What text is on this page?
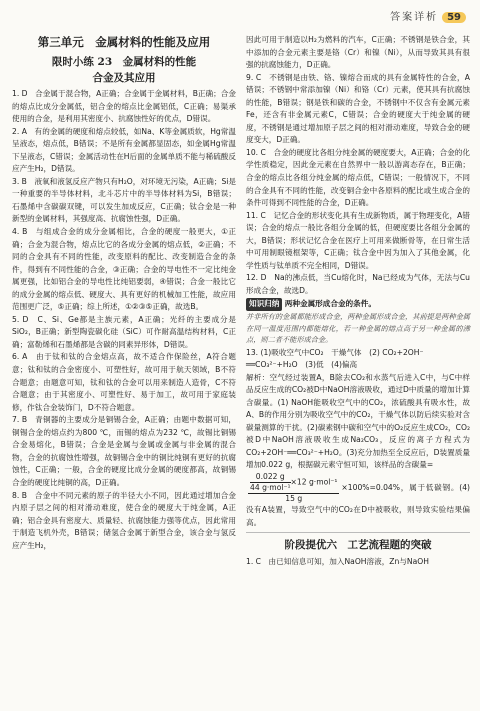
答案详析 59
第三单元　金属材料的性能及应用
限时小练 23　金属材料的性能
合金及其应用

1. D　合金属于混合物，A正确；合金属于金属材料，B正确；合金的熔点比成分金属低，铝合金的熔点比金属铝低，C正确；易渠承使用的合金，是利用其密度小、抗腐蚀性好的优点，D错误。

2. A　有的金属的硬度和熔点较低，如Na、K等金属质软，Hg常温呈液态，熔点低，B错误；不是所有金属都显固态，如金属Hg常温下呈液态，C错误；金属活动性在H后面的金属单质不能与稀硫酸反应产生H₂，D错误。

3. B　液氧和液氢反应产物只有H₂O，对环境无污染，A正确；Si是一种重要的半导体材料，北斗芯片中的半导体材料为Si，B错误；石墨烯中含碳碳双键，可以发生加成反应，C正确；钛合金是一种新型的金属材料，其强度高、抗腐蚀性强，D正确。

4. B　与组成合金的成分金属相比，合金的硬度一般更大，①正确；合金为混合物，熔点比它的各成分金属的熔点低，②正确；不同的合金具有不同的性能，改变原料的配比、改变制造合金的条件，得到有不同性能的合金，③正确；合金的导电性不一定比纯金属更强，比如铝合金的导电性比纯铝要弱，④错误；合金一般比它的成分金属的熔点低、硬度大、具有更好的机械加工性能，故应用范围更广泛，⑤正确；综上所述，①②③⑤正确，故选B。

5. D　C、Si、Ge都是主族元素，A正确；光纤的主要成分是SiO₂，B正确；新型陶瓷碳化硅（SiC）可作耐高温结构材料，C正确；富勒烯和石墨烯都是含碳的同素异形体，D错误。

6. A　由于钛和钛的合金熔点高，故不适合作保险丝，A符合题意；钛和钛的合金密度小、可塑性好，故可用于航天领域，B不符合题意；由题意可知，钛和钛的合金可以用来制造人造骨，C不符合题意；由于其密度小、可塑性好、易于加工，故可用于家庭装修，作钛合金装饰门，D不符合题意。

7. B　青铜器的主要成分是铜锡合金，A正确；由题中数据可知，铜锡合金的熔点约为800 ℃，而锡的熔点为232 ℃，故锡比铜锡合金易熔化，B错误；合金是金属与金属或金属与非金属的混合物，合金的抗腐蚀性增强，故铜锡合金中的铜比纯铜有更好的抗腐蚀性，C正确；一般，合金的硬度比成分金属的硬度都高，故铜锡合金的硬度比纯铜的高，D正确。

8. B　合金中不同元素的原子的半径大小不同，因此通过增加合金内原子层之间的相对滑动难度，使合金的硬度大于纯金属，A正确；铝合金具有密度大、质量轻、抗腐蚀能力强等优点，因此常用于制造飞机外壳，B错误；储氢合金属于新型合金，该合金与氢反应产生H₂，

因此可用于制造以H₂为燃料的汽车，C正确；不锈钢是铁合金，其中添加的合金元素主要是铬（Cr）和镍（Ni），从而导致其具有很强的抗腐蚀能力，D正确。

9. C　不锈钢是由铁、铬、镍熔合而成的具有金属特性的合金，A错误；不锈钢中常添加镍（Ni）和铬（Cr）元素，使其具有抗腐蚀的性能，B错误；钢是铁和碳的合金，不锈钢中不仅含有金属元素Fe，还含有非金属元素C，C错误；合金的硬度大于纯金属的硬度，不锈钢是通过增加原子层之间的相对滑动难度，导致合金的硬度变大，D正确。

10. C　合金的硬度比各组分纯金属的硬度要大，A正确；合金的化学性质稳定，因此金元素在自然界中一般以游离态存在，B正确；合金的熔点比各组分纯金属的熔点低，C错误；一般情况下，不同的合金具有不同的性能，改变铜合金中各原料的配比或生成合金的条件可得到不同性能的合金，D正确。

11. C　记忆合金的形状变化具有生成新物质，属于物理变化，A错误；合金的熔点一般比各组分金属的低，但硬度要比各组分金属的大，B错误；形状记忆合金在医疗上可用来做断骨等，在日常生活中可用制眼镜框架等，C正确；钛合金中因为加入了其他金属，化学性质与钛单质不完全相同，D错误。

12. D　Na的沸点低，当Cu熔化时，Na已经成为气体，无法与Cu形成合金，故选D。

知识归纳 两种金属形成合金的条件。
并非所有的金属都能形成合金，两种金属形成合金，其前提是两种金属在同一温度范围内都能熔化，若一种金属的熔点高于另一种金属的沸点，则二者不能形成合金。

13. (1)吸收空气中CO₂　干燥气体　(2) CO₂+2OH⁻

══CO₃²⁻+H₂O　(3)低　(4)偏高

解析：空气经过装置A，B除去CO₂和水蒸气后进入C中，与C中样品反应生成的CO₂被D中NaOH溶液吸收，通过D中质量的增加计算含碳量。(1) NaOH能吸收空气中的CO₂，浓硫酸具有吸水性，故A、B的作用分别为吸收空气中的CO₂，干燥气体以防后续实验对含碳量测算的干扰。(2)碳素钢中碳和空气中的O₂反应生成CO₂，CO₂被D中NaOH溶液吸收生成Na₂CO₃，反应的离子方程式为CO₂+2OH⁻══CO₃²⁻+H₂O。(3)充分加热至全反应后，D装置质量增加0.022 g，根据碳元素守恒可知，该样品的含碳量=

$\frac{\frac{0.022 g}{\text{44 g·mol⁻¹}} \times 12 g\cdot mol^{-1}}{15 g} \times 100\%=0.04\%$，属于低碳钢。(4)没有A装置，导致空气中的CO₂在D中被吸收，则导致实验结果偏高。
阶段提优六　工艺流程题的突破

1. C　由已知信息可知，加入NaOH溶液，Zn与NaOH
